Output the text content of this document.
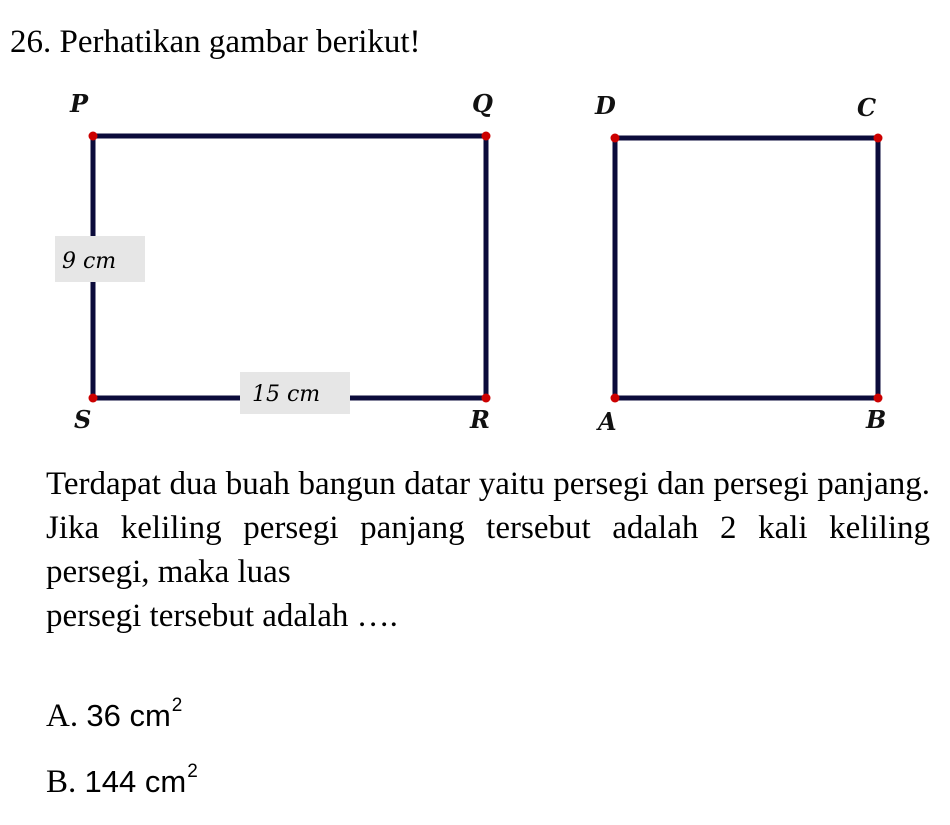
26. Perhatikan gambar berikut!
P	Q
R
S
9 cm
15 cm
D	C
B
A
Terdapat dua buah bangun datar yaitu persegi dan persegi panjang. Jika keliling persegi panjang tersebut adalah 2 kali keliling persegi, maka luas
persegi tersebut adalah ….
A. 36 $cm^2$
B. 144 $cm^2$
